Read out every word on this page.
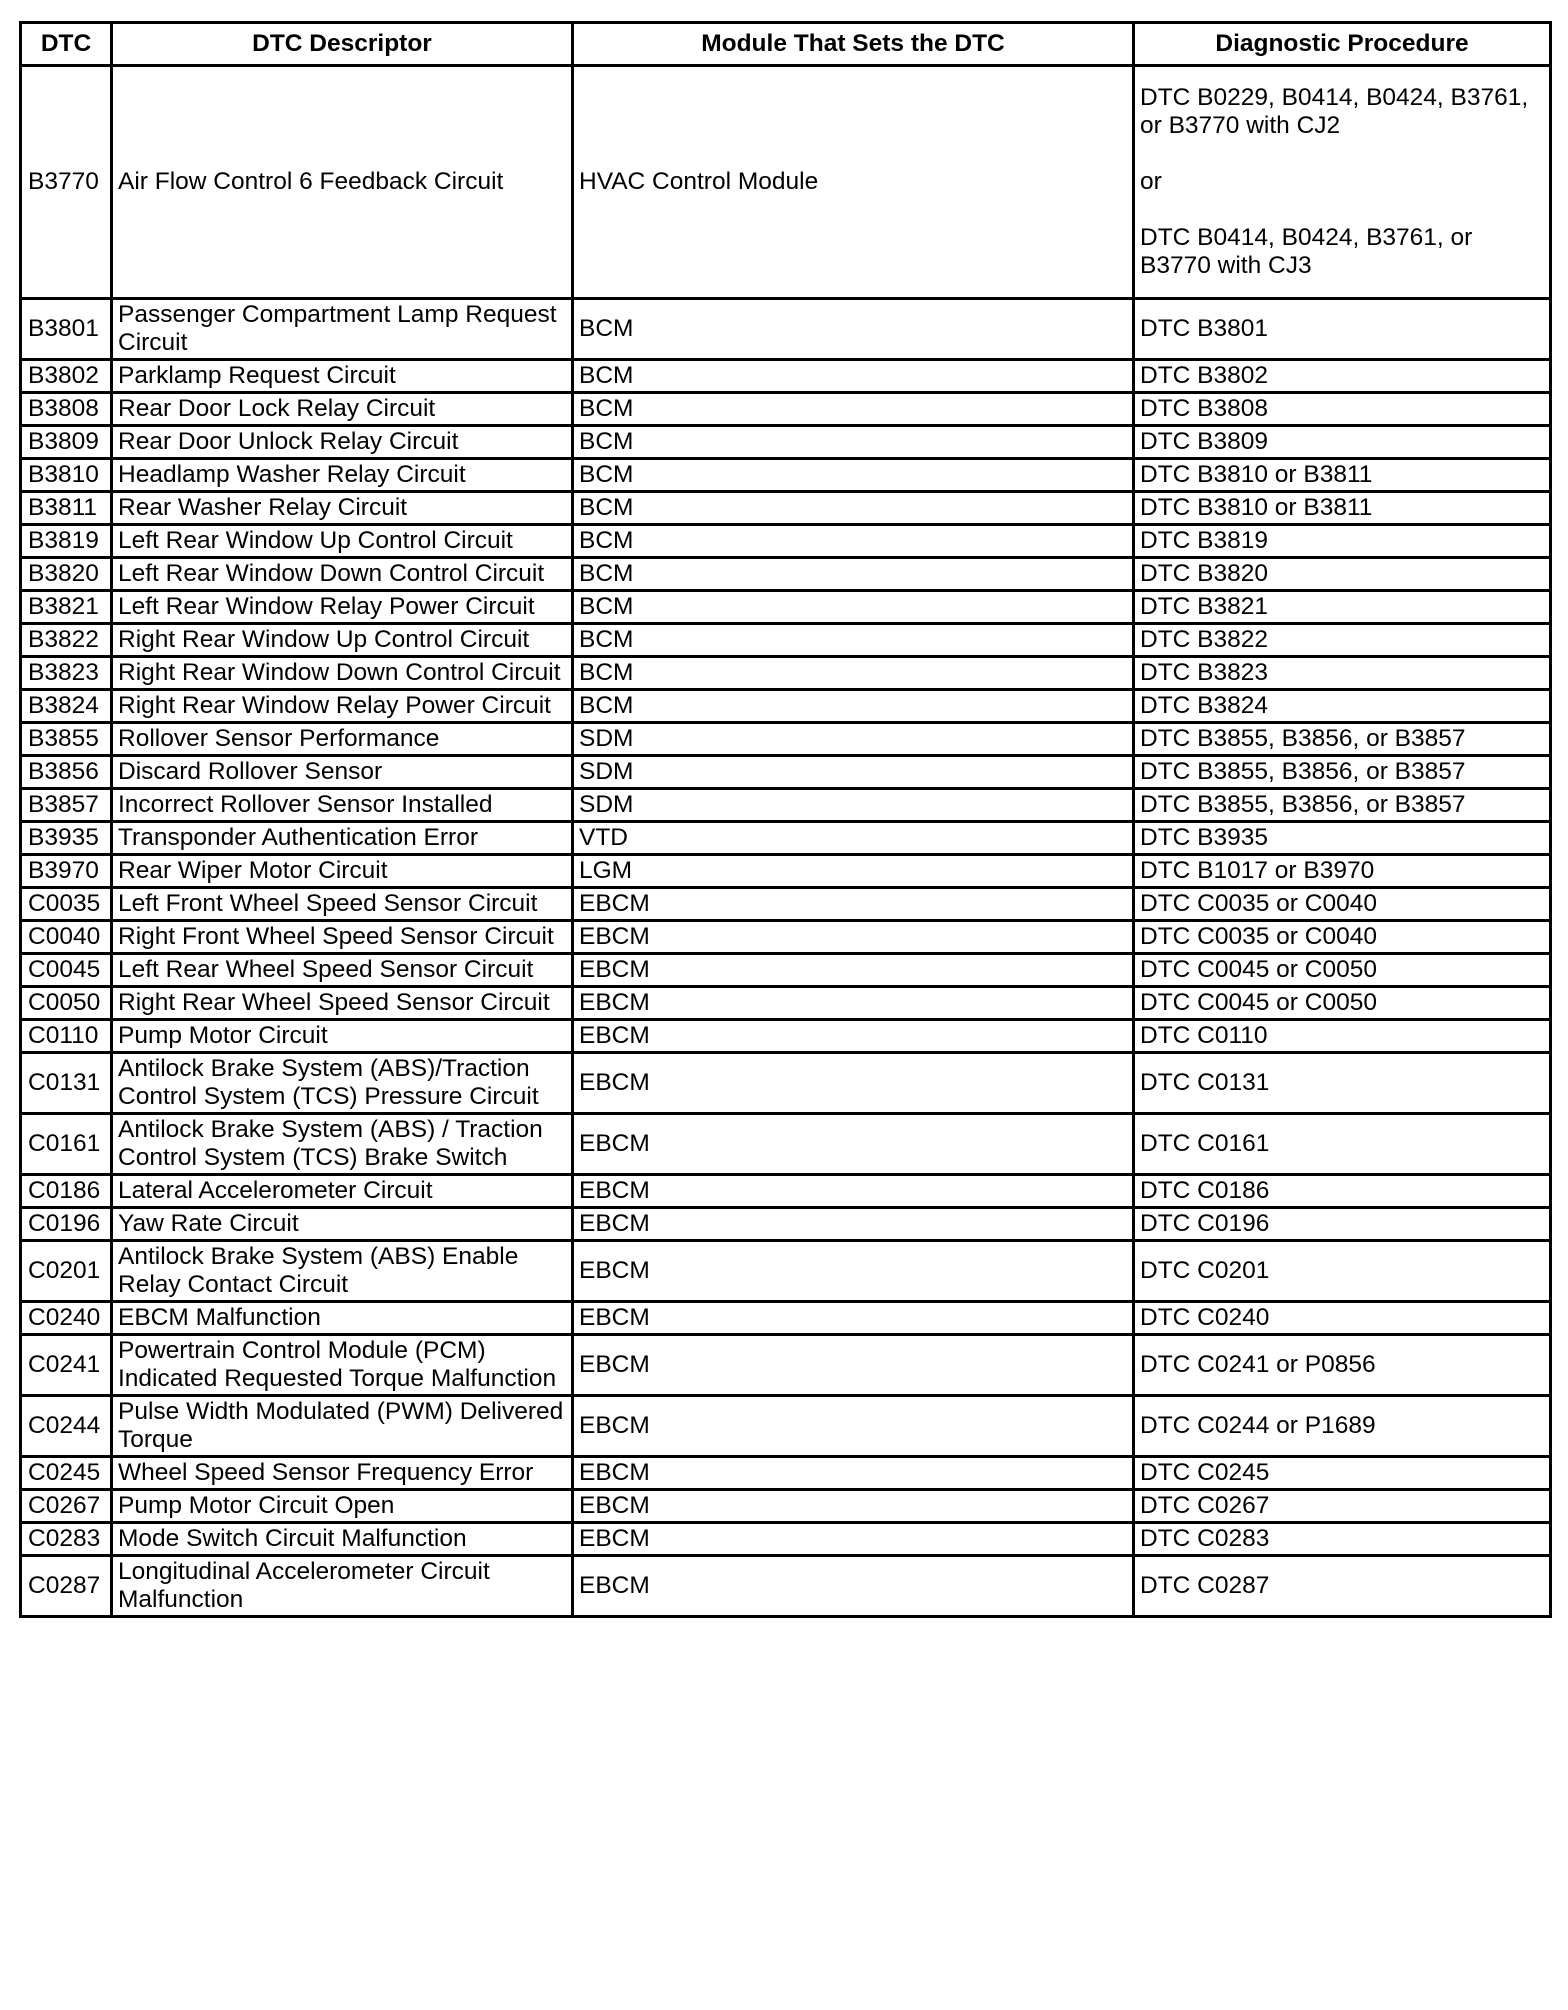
DTC	DTC Descriptor	Module That Sets the DTC	Diagnostic Procedure
B3770	Air Flow Control 6 Feedback Circuit	HVAC Control Module	DTC B0229, B0414, B0424, B3761, or B3770 with CJ2

or

DTC B0414, B0424, B3761, or B3770 with CJ3
B3801	Passenger Compartment Lamp Request Circuit	BCM	DTC B3801
B3802	Parklamp Request Circuit	BCM	DTC B3802
B3808	Rear Door Lock Relay Circuit	BCM	DTC B3808
B3809	Rear Door Unlock Relay Circuit	BCM	DTC B3809
B3810	Headlamp Washer Relay Circuit	BCM	DTC B3810 or B3811
B3811	Rear Washer Relay Circuit	BCM	DTC B3810 or B3811
B3819	Left Rear Window Up Control Circuit	BCM	DTC B3819
B3820	Left Rear Window Down Control Circuit	BCM	DTC B3820
B3821	Left Rear Window Relay Power Circuit	BCM	DTC B3821
B3822	Right Rear Window Up Control Circuit	BCM	DTC B3822
B3823	Right Rear Window Down Control Circuit	BCM	DTC B3823
B3824	Right Rear Window Relay Power Circuit	BCM	DTC B3824
B3855	Rollover Sensor Performance	SDM	DTC B3855, B3856, or B3857
B3856	Discard Rollover Sensor	SDM	DTC B3855, B3856, or B3857
B3857	Incorrect Rollover Sensor Installed	SDM	DTC B3855, B3856, or B3857
B3935	Transponder Authentication Error	VTD	DTC B3935
B3970	Rear Wiper Motor Circuit	LGM	DTC B1017 or B3970
C0035	Left Front Wheel Speed Sensor Circuit	EBCM	DTC C0035 or C0040
C0040	Right Front Wheel Speed Sensor Circuit	EBCM	DTC C0035 or C0040
C0045	Left Rear Wheel Speed Sensor Circuit	EBCM	DTC C0045 or C0050
C0050	Right Rear Wheel Speed Sensor Circuit	EBCM	DTC C0045 or C0050
C0110	Pump Motor Circuit	EBCM	DTC C0110
C0131	Antilock Brake System (ABS)/Traction Control System (TCS) Pressure Circuit	EBCM	DTC C0131
C0161	Antilock Brake System (ABS) / Traction Control System (TCS) Brake Switch	EBCM	DTC C0161
C0186	Lateral Accelerometer Circuit	EBCM	DTC C0186
C0196	Yaw Rate Circuit	EBCM	DTC C0196
C0201	Antilock Brake System (ABS) Enable Relay Contact Circuit	EBCM	DTC C0201
C0240	EBCM Malfunction	EBCM	DTC C0240
C0241	Powertrain Control Module (PCM) Indicated Requested Torque Malfunction	EBCM	DTC C0241 or P0856
C0244	Pulse Width Modulated (PWM) Delivered Torque	EBCM	DTC C0244 or P1689
C0245	Wheel Speed Sensor Frequency Error	EBCM	DTC C0245
C0267	Pump Motor Circuit Open	EBCM	DTC C0267
C0283	Mode Switch Circuit Malfunction	EBCM	DTC C0283
C0287	Longitudinal Accelerometer Circuit Malfunction	EBCM	DTC C0287
